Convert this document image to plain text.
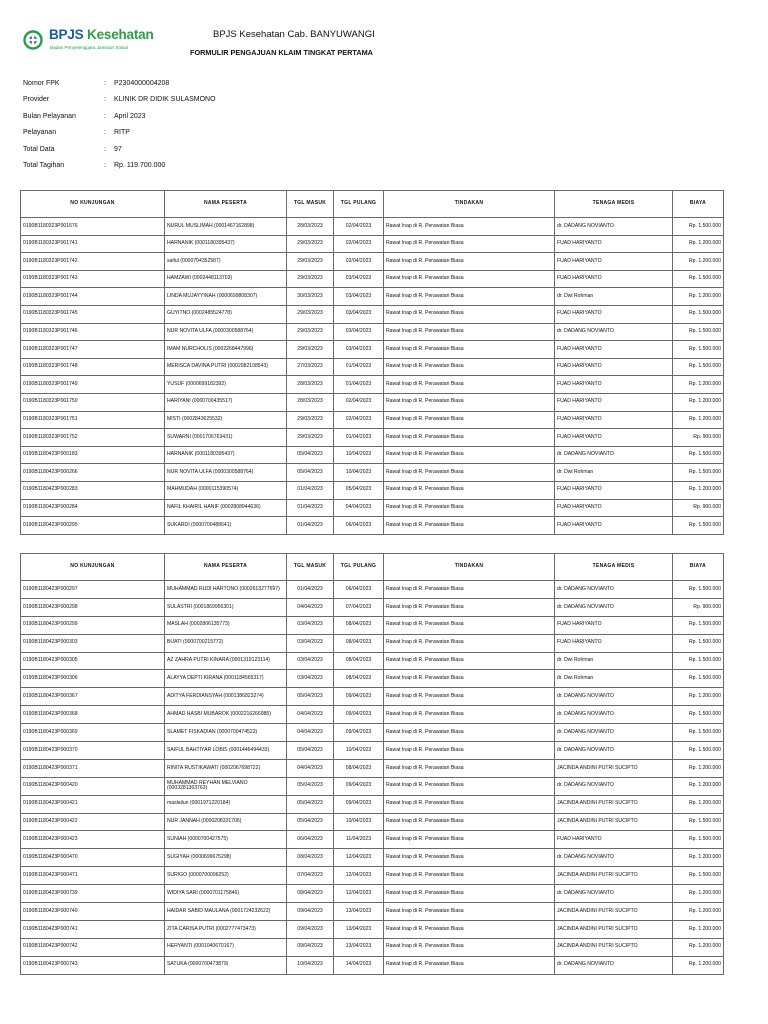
BPJS Kesehatan
Badan Penyelenggara Jaminan Sosial
BPJS Kesehatan Cab. BANYUWANGI
FORMULIR PENGAJUAN KLAIM TINGKAT PERTAMA
Nomor FPK	: P2304000004208
Provider	: KLINIK DR DIDIK SULASMONO
Bulan Pelayanan	: April 2023
Pelayanan	: RITP
Total Data	: 97
Total Tagihan	: Rp. 119.700.000
NO KUNJUNGAN	NAMA PESERTA	TGL MASUK	TGL PULANG	TINDAKAN	TENAGA MEDIS	BIAYA
0190B1180323P001676	NURUL MUSLIMAH (0001467162898)	28/03/2023	02/04/2023	Rawat Inap di R. Perawatan Biasa	dr. DADANG NOVIANTO	Rp. 1.500.000
0190B1180323P001741	HARNANIK (0001180395437)	29/03/2023	02/04/2023	Rawat Inap di R. Perawatan Biasa	FUAD HARIYANTO	Rp. 1.200.000
0190B1180323P001742	saiful (0000704352587)	29/03/2023	02/04/2023	Rawat Inap di R. Perawatan Biasa	FUAD HARIYANTO	Rp. 1.200.000
0190B1180323P001743	HAMZAWI (0002448113703)	29/03/2023	03/04/2023	Rawat Inap di R. Perawatan Biasa	FUAD HARIYANTO	Rp. 1.500.000
0190B1180323P001744	LINDA MUJAYYINAH (0000699808307)	30/03/2023	03/04/2023	Rawat Inap di R. Perawatan Biasa	dr. Dwi Rohman	Rp. 1.200.000
0190B1180323P001745	GUYITNO (0002485524778)	29/03/2023	03/04/2023	Rawat Inap di R. Perawatan Biasa	FUAD HARIYANTO	Rp. 1.500.000
0190B1180323P001746	NUR NOVITA ULFA (0000300588764)	29/03/2023	03/04/2023	Rawat Inap di R. Perawatan Biasa	dr. DADANG NOVIANTO	Rp. 1.500.000
0190B1180323P001747	IMAM NURCHOLIS (0002268447996)	29/03/2023	03/04/2023	Rawat Inap di R. Perawatan Biasa	FUAD HARIYANTO	Rp. 1.500.000
0190B1180323P001748	MERISCA DAVINA PUTRI (0002082108543)	27/03/2023	01/04/2023	Rawat Inap di R. Perawatan Biasa	FUAD HARIYANTO	Rp. 1.500.000
0190B1180323P001749	YUSUF (0000699182392)	28/03/2023	01/04/2023	Rawat Inap di R. Perawatan Biasa	FUAD HARIYANTO	Rp. 1.200.000
0190B1180323P001750	HARIYANI (0000700435517)	28/03/2023	02/04/2023	Rawat Inap di R. Perawatan Biasa	FUAD HARIYANTO	Rp. 1.200.000
0190B1180323P001751	MISTI (0002843625532)	29/03/2023	02/04/2023	Rawat Inap di R. Perawatan Biasa	FUAD HARIYANTO	Rp. 1.200.000
0190B1180323P001752	SUWARNI (0001706763431)	29/03/2023	01/04/2023	Rawat Inap di R. Perawatan Biasa	FUAD HARIYANTO	Rp. 900.000
0190B1180423P000183	HARNANIK (0001180395437)	05/04/2023	10/04/2023	Rawat Inap di R. Perawatan Biasa	dr. DADANG NOVIANTO	Rp. 1.500.000
0190B1180423P000266	NUR NOVITA ULFA (0000300588764)	05/04/2023	10/04/2023	Rawat Inap di R. Perawatan Biasa	dr. Dwi Rohman	Rp. 1.500.000
0190B1180423P000283	MAHMUDAH (0000115390574)	01/04/2023	05/04/2023	Rawat Inap di R. Perawatan Biasa	FUAD HARIYANTO	Rp. 1.200.000
0190B1180423P000284	NAFIL KHAIRIL HANIF (0002808944636)	01/04/2023	04/04/2023	Rawat Inap di R. Perawatan Biasa	FUAD HARIYANTO	Rp. 900.000
0190B1180423P000295	SUKARDI (0000700488641)	01/04/2023	06/04/2023	Rawat Inap di R. Perawatan Biasa	FUAD HARIYANTO	Rp. 1.500.000
NO KUNJUNGAN	NAMA PESERTA	TGL MASUK	TGL PULANG	TINDAKAN	TENAGA MEDIS	BIAYA
0190B1180423P000297	MUHAMMAD RUDI HARTONO (0002613277697)	01/04/2023	06/04/2023	Rawat Inap di R. Perawatan Biasa	dr. DADANG NOVIANTO	Rp. 1.500.000
0190B1180423P000298	SULASTRI (0001869956301)	04/04/2023	07/04/2023	Rawat Inap di R. Perawatan Biasa	dr. DADANG NOVIANTO	Rp. 900.000
0190B1180423P000299	MASLAH (0002806135773)	03/04/2023	08/04/2023	Rawat Inap di R. Perawatan Biasa	FUAD HARIYANTO	Rp. 1.500.000
0190B1180423P000303	BUATI (0000700215772)	03/04/2023	08/04/2023	Rawat Inap di R. Perawatan Biasa	FUAD HARIYANTO	Rp. 1.500.000
0190B1180423P000305	AZ ZAHRA PUTRI KINARA (0001319123114)	03/04/2023	08/04/2023	Rawat Inap di R. Perawatan Biasa	dr. Dwi Rohman	Rp. 1.500.000
0190B1180423P000306	ALAYYA DEPTI KIRANA (0001184565317)	03/04/2023	08/04/2023	Rawat Inap di R. Perawatan Biasa	dr. Dwi Rohman	Rp. 1.500.000
0190B1180423P000367	ADITYA FERDIANSYAH (0001386823274)	05/04/2023	09/04/2023	Rawat Inap di R. Perawatan Biasa	dr. DADANG NOVIANTO	Rp. 1.200.000
0190B1180423P000368	AHMAD HASBI MUBAROK (0002216266986)	04/04/2023	09/04/2023	Rawat Inap di R. Perawatan Biasa	dr. DADANG NOVIANTO	Rp. 1.500.000
0190B1180423P000369	SLAMET FISKADIAN (0000700474522)	04/04/2023	09/04/2023	Rawat Inap di R. Perawatan Biasa	dr. DADANG NOVIANTO	Rp. 1.500.000
0190B1180423P000370	SAIFUL BAHTIYAR LOBIS (0001446494433)	05/04/2023	10/04/2023	Rawat Inap di R. Perawatan Biasa	dr. DADANG NOVIANTO	Rp. 1.500.000
0190B1180423P000371	RINITA RUSTIKAWATI (0002067698722)	04/04/2023	08/04/2023	Rawat Inap di R. Perawatan Biasa	JACINDA ANDINI PUTRI SUCIPTO	Rp. 1.200.000
0190B1180423P000420	MUHAMMAD REYHAN MELVIANO (0003281363763)	05/04/2023	09/04/2023	Rawat Inap di R. Perawatan Biasa	dr. DADANG NOVIANTO	Rp. 1.200.000
0190B1180423P000421	maslailun (0001971220184)	05/04/2023	09/04/2023	Rawat Inap di R. Perawatan Biasa	JACINDA ANDINI PUTRI SUCIPTO	Rp. 1.200.000
0190B1180423P000422	NUR JANNAH (0000208331706)	05/04/2023	10/04/2023	Rawat Inap di R. Perawatan Biasa	JACINDA ANDINI PUTRI SUCIPTO	Rp. 1.500.000
0190B1180423P000423	SUNIAH (0000700427575)	06/04/2023	11/04/2023	Rawat Inap di R. Perawatan Biasa	FUAD HARIYANTO	Rp. 1.500.000
0190B1180423P000470	SUGIYAH (0000699675298)	08/04/2023	12/04/2023	Rawat Inap di R. Perawatan Biasa	dr. DADANG NOVIANTO	Rp. 1.200.000
0190B1180423P000471	SURIGO (0000700096252)	07/04/2023	12/04/2023	Rawat Inap di R. Perawatan Biasa	JACINDA ANDINI PUTRI SUCIPTO	Rp. 1.500.000
0190B1180423P000739	WIDIYA SARI (0000701175846)	08/04/2023	12/04/2023	Rawat Inap di R. Perawatan Biasa	dr. DADANG NOVIANTO	Rp. 1.200.000
0190B1180423P000740	HAIDAR SABID MAULANA (0001724232622)	09/04/2023	13/04/2023	Rawat Inap di R. Perawatan Biasa	JACINDA ANDINI PUTRI SUCIPTO	Rp. 1.200.000
0190B1180423P000741	ZITA CARISA PUTRI (0002777473473)	09/04/2023	13/04/2023	Rawat Inap di R. Perawatan Biasa	JACINDA ANDINI PUTRI SUCIPTO	Rp. 1.200.000
0190B1180423P000742	HERYANTI (0001040670167)	09/04/2023	13/04/2023	Rawat Inap di R. Perawatan Biasa	JACINDA ANDINI PUTRI SUCIPTO	Rp. 1.200.000
0190B1180423P000743	SATUKA (0000700473879)	10/04/2023	14/04/2023	Rawat Inap di R. Perawatan Biasa	dr. DADANG NOVIANTO	Rp. 1.200.000
